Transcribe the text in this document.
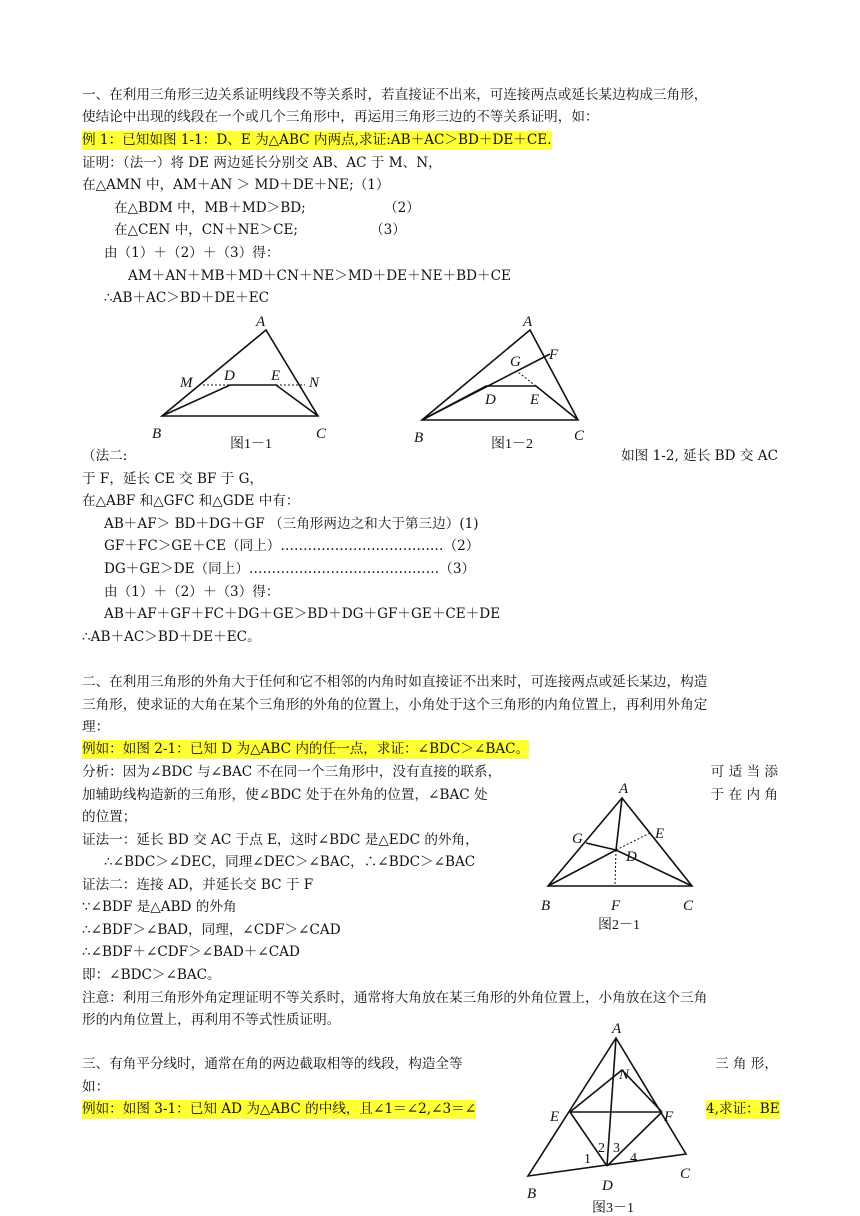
一、在利用三角形三边关系证明线段不等关系时，若直接证不出来，可连接两点或延长某边构成三角形，
使结论中出现的线段在一个或几个三角形中，再运用三角形三边的不等关系证明，如：
例 1：已知如图 1-1：D、E 为△ABC 内两点,求证:AB＋AC＞BD＋DE＋CE.
证明：（法一）将 DE 两边延长分别交 AB、AC 于 M、N，
在△AMN 中，AM＋AN ＞ MD＋DE＋NE;（1）
在△BDM 中，MB＋MD＞BD;	（2）
在△CEN 中，CN＋NE＞CE;	（3）
由（1）＋（2）＋（3）得：
AM＋AN＋MB＋MD＋CN＋NE＞MD＋DE＋NE＋BD＋CE
∴AB＋AC＞BD＋DE＋EC
（法二:	如图 1-2, 延长 BD 交 AC
于 F，延长 CE 交 BF 于 G，
在△ABF 和△GFC 和△GDE 中有：
AB＋AF＞ BD＋DG＋GF （三角形两边之和大于第三边）(1)
GF＋FC＞GE＋CE（同上）………………………………（2）
DG＋GE＞DE（同上）……………………………………（3）
由（1）＋（2）＋（3）得：
AB＋AF＋GF＋FC＋DG＋GE＞BD＋DG＋GF＋GE＋CE＋DE
∴AB＋AC＞BD＋DE＋EC。
二、在利用三角形的外角大于任何和它不相邻的内角时如直接证不出来时，可连接两点或延长某边，构造
三角形，使求证的大角在某个三角形的外角的位置上，小角处于这个三角形的内角位置上，再利用外角定
理：
例如：如图 2-1：已知 D 为△ABC 内的任一点，求证：∠BDC＞∠BAC。
分析：因为∠BDC 与∠BAC 不在同一个三角形中，没有直接的联系，	可 适 当 添
加辅助线构造新的三角形，使∠BDC 处于在外角的位置，∠BAC 处	于 在 内 角
的位置；
证法一：延长 BD 交 AC 于点 E，这时∠BDC 是△EDC 的外角，
∴∠BDC＞∠DEC，同理∠DEC＞∠BAC，∴∠BDC＞∠BAC
证法二：连接 AD，并延长交 BC 于 F
∵∠BDF 是△ABD 的外角
∴∠BDF＞∠BAD，同理，∠CDF＞∠CAD
∴∠BDF＋∠CDF＞∠BAD＋∠CAD
即：∠BDC＞∠BAC。
注意：利用三角形外角定理证明不等关系时，通常将大角放在某三角形的外角位置上，小角放在这个三角
形的内角位置上，再利用不等式性质证明。
三、有角平分线时，通常在角的两边截取相等的线段，构造全等	三 角 形，
如：
例如：如图 3-1：已知 AD 为△ABC 的中线，且∠1＝∠2,∠3＝∠	4,求证：BE
A
B	C
D E
M	N
图1－1
A
B	C
D E
F
G
图1－2
A
B	C
D
E
F
G
图2－1
A
B
C
D
E	F
N
1
2 3
4
图3－1
